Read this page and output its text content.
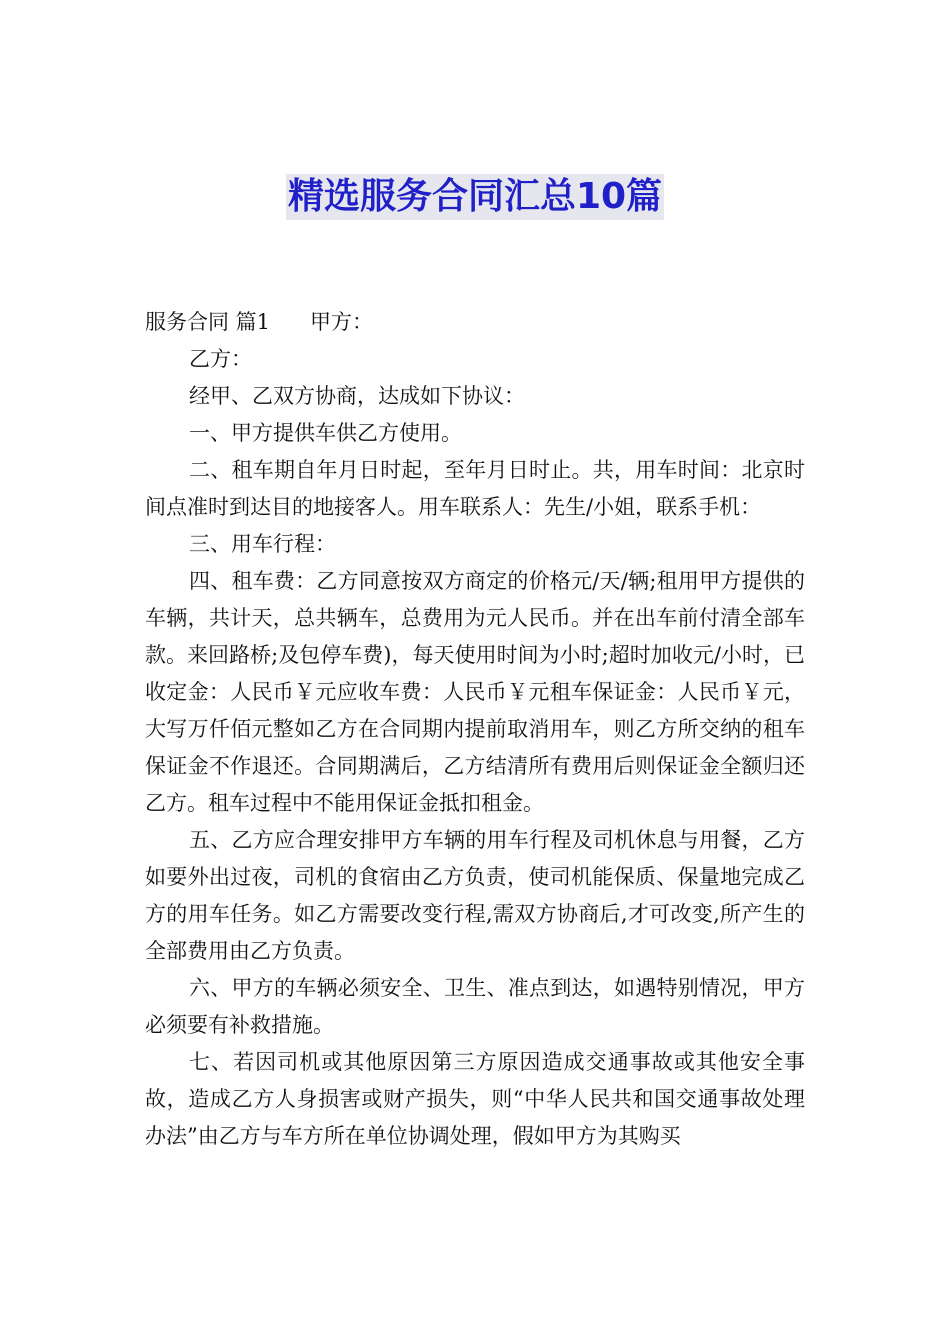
精选服务合同汇总10篇

服务合同 篇1 甲方：

乙方：

经甲、乙双方协商，达成如下协议：

一、甲方提供车供乙方使用。

二、租车期自年月日时起，至年月日时止。共，用车时间：北京时间点准时到达目的地接客人。用车联系人：先生/小姐，联系手机：

三、用车行程：

四、租车费：乙方同意按双方商定的价格元/天/辆;租用甲方提供的车辆，共计天，总共辆车，总费用为元人民币。并在出车前付清全部车款。来回路桥;及包停车费)，每天使用时间为小时;超时加收元/小时，已收定金：人民币￥元应收车费：人民币￥元租车保证金：人民币￥元，大写万仟佰元整如乙方在合同期内提前取消用车，则乙方所交纳的租车保证金不作退还。合同期满后，乙方结清所有费用后则保证金全额归还乙方。租车过程中不能用保证金抵扣租金。

五、乙方应合理安排甲方车辆的用车行程及司机休息与用餐，乙方如要外出过夜，司机的食宿由乙方负责，使司机能保质、保量地完成乙方的用车任务。如乙方需要改变行程,需双方协商后,才可改变,所产生的全部费用由乙方负责。

六、甲方的车辆必须安全、卫生、准点到达，如遇特别情况，甲方必须要有补救措施。

七、若因司机或其他原因第三方原因造成交通事故或其他安全事故，造成乙方人身损害或财产损失，则“中华人民共和国交通事故处理办法”由乙方与车方所在单位协调处理，假如甲方为其购买
